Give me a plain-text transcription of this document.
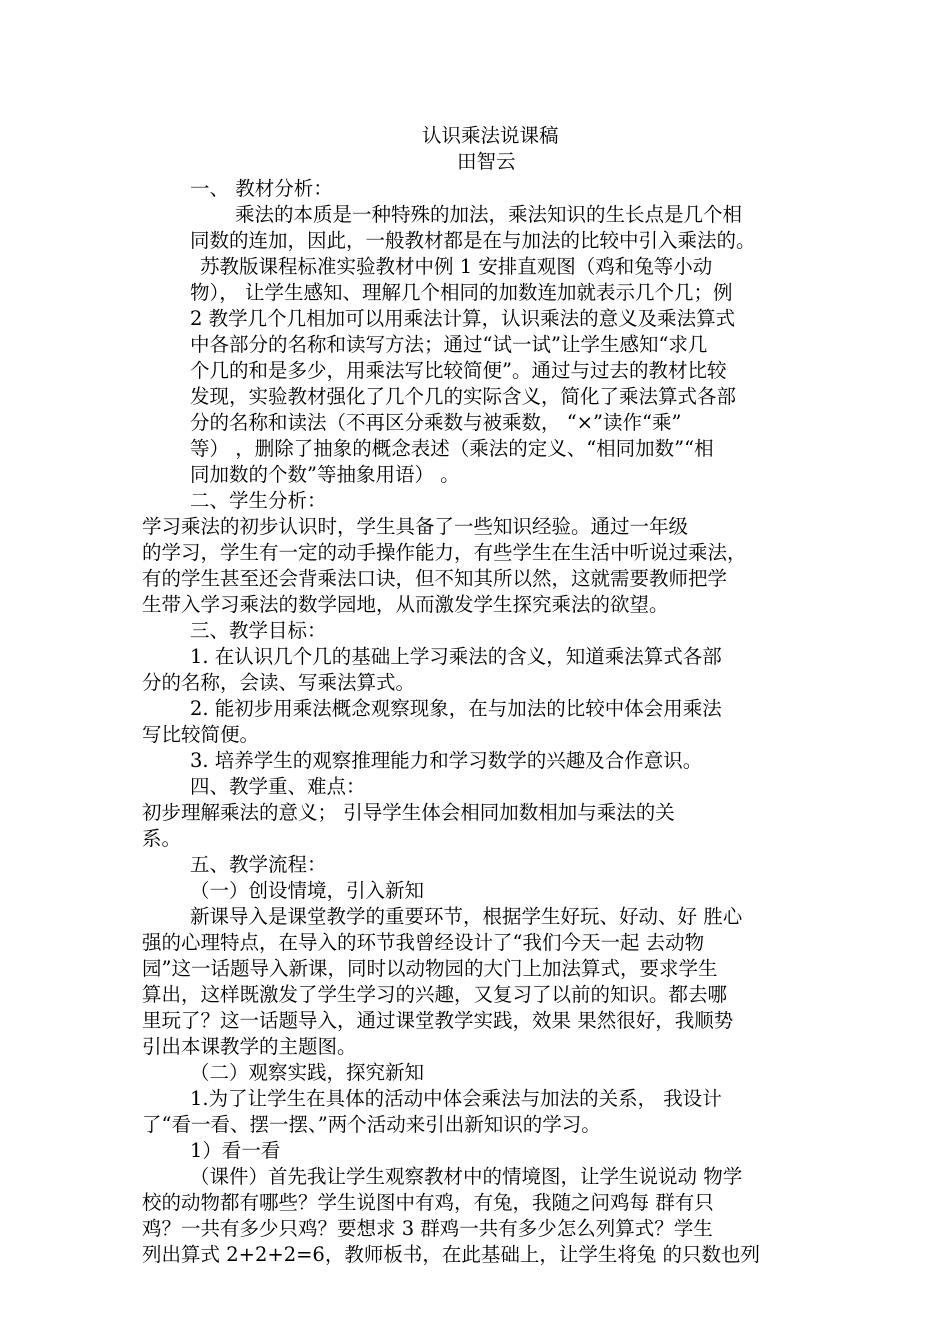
认识乘法说课稿
田智云
一、 教材分析：
乘法的本质是一种特殊的加法，乘法知识的生长点是几个相
同数的连加，因此，一般教材都是在与加法的比较中引入乘法的。
苏教版课程标准实验教材中例 1 安排直观图（鸡和兔等小动
物）， 让学生感知、理解几个相同的加数连加就表示几个几；例
2 教学几个几相加可以用乘法计算，认识乘法的意义及乘法算式
中各部分的名称和读写方法；通过“试一试”让学生感知“求几
个几的和是多少，用乘法写比较简便”。通过与过去的教材比较
发现，实验教材强化了几个几的实际含义，简化了乘法算式各部
分的名称和读法（不再区分乘数与被乘数， “×”读作“乘”
等） ，删除了抽象的概念表述（乘法的定义、“相同加数”“相
同加数的个数”等抽象用语） 。
二、学生分析：
学习乘法的初步认识时，学生具备了一些知识经验。通过一年级
的学习，学生有一定的动手操作能力，有些学生在生活中听说过乘法，
有的学生甚至还会背乘法口诀，但不知其所以然，这就需要教师把学
生带入学习乘法的数学园地，从而激发学生探究乘法的欲望。
三、教学目标：
1. 在认识几个几的基础上学习乘法的含义，知道乘法算式各部
分的名称，会读、写乘法算式。
2. 能初步用乘法概念观察现象，在与加法的比较中体会用乘法
写比较简便。
3. 培养学生的观察推理能力和学习数学的兴趣及合作意识。
四、教学重、难点：
初步理解乘法的意义； 引导学生体会相同加数相加与乘法的关
系。
五、教学流程：
（一）创设情境，引入新知
新课导入是课堂教学的重要环节，根据学生好玩、好动、好 胜心
强的心理特点，在导入的环节我曾经设计了“我们今天一起 去动物
园”这一话题导入新课，同时以动物园的大门上加法算式，要求学生
算出，这样既激发了学生学习的兴趣，又复习了以前的知识。都去哪
里玩了？这一话题导入，通过课堂教学实践，效果 果然很好，我顺势
引出本课教学的主题图。
（二）观察实践，探究新知
1.为了让学生在具体的活动中体会乘法与加法的关系， 我设计
了“看一看、摆一摆、”两个活动来引出新知识的学习。
1）看一看
（课件）首先我让学生观察教材中的情境图，让学生说说动 物学
校的动物都有哪些？学生说图中有鸡，有兔，我随之问鸡每 群有只
鸡？一共有多少只鸡？要想求 3 群鸡一共有多少怎么列算式？学生
列出算式 2+2+2=6，教师板书，在此基础上，让学生将兔 的只数也列
